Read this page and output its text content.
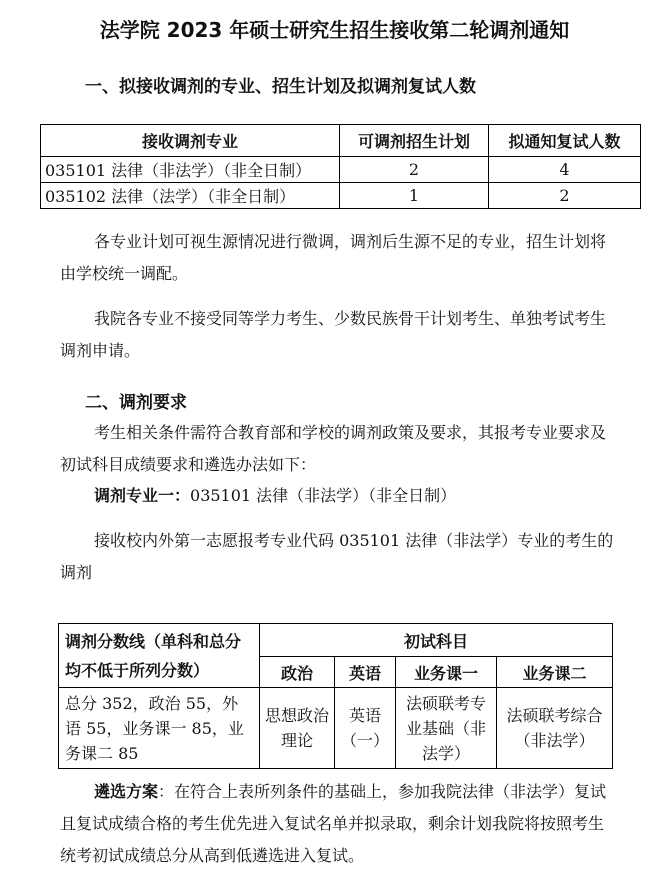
法学院 2023 年硕士研究生招生接收第二轮调剂通知
一、拟接收调剂的专业、招生计划及拟调剂复试人数
接收调剂专业	可调剂招生计划	拟通知复试人数
035101 法律（非法学）（非全日制）	2	4
035102 法律（法学）（非全日制）	1	2
各专业计划可视生源情况进行微调，调剂后生源不足的专业，招生计划将由学校统一调配。
我院各专业不接受同等学力考生、少数民族骨干计划考生、单独考试考生调剂申请。
二、调剂要求
考生相关条件需符合教育部和学校的调剂政策及要求，其报考专业要求及初试科目成绩要求和遴选办法如下：
调剂专业一：035101 法律（非法学）（非全日制）
接收校内外第一志愿报考专业代码 035101 法律（非法学）专业的考生的调剂
调剂分数线（单科和总分均不低于所列分数）	初试科目			
	政治	英语	业务课一	业务课二
总分 352，政治 55，外语 55，业务课一 85，业务课二 85	思想政治理论	英语（一）	法硕联考专业基础（非法学）	法硕联考综合（非法学）
遴选方案：在符合上表所列条件的基础上，参加我院法律（非法学）复试且复试成绩合格的考生优先进入复试名单并拟录取，剩余计划我院将按照考生统考初试成绩总分从高到低遴选进入复试。
